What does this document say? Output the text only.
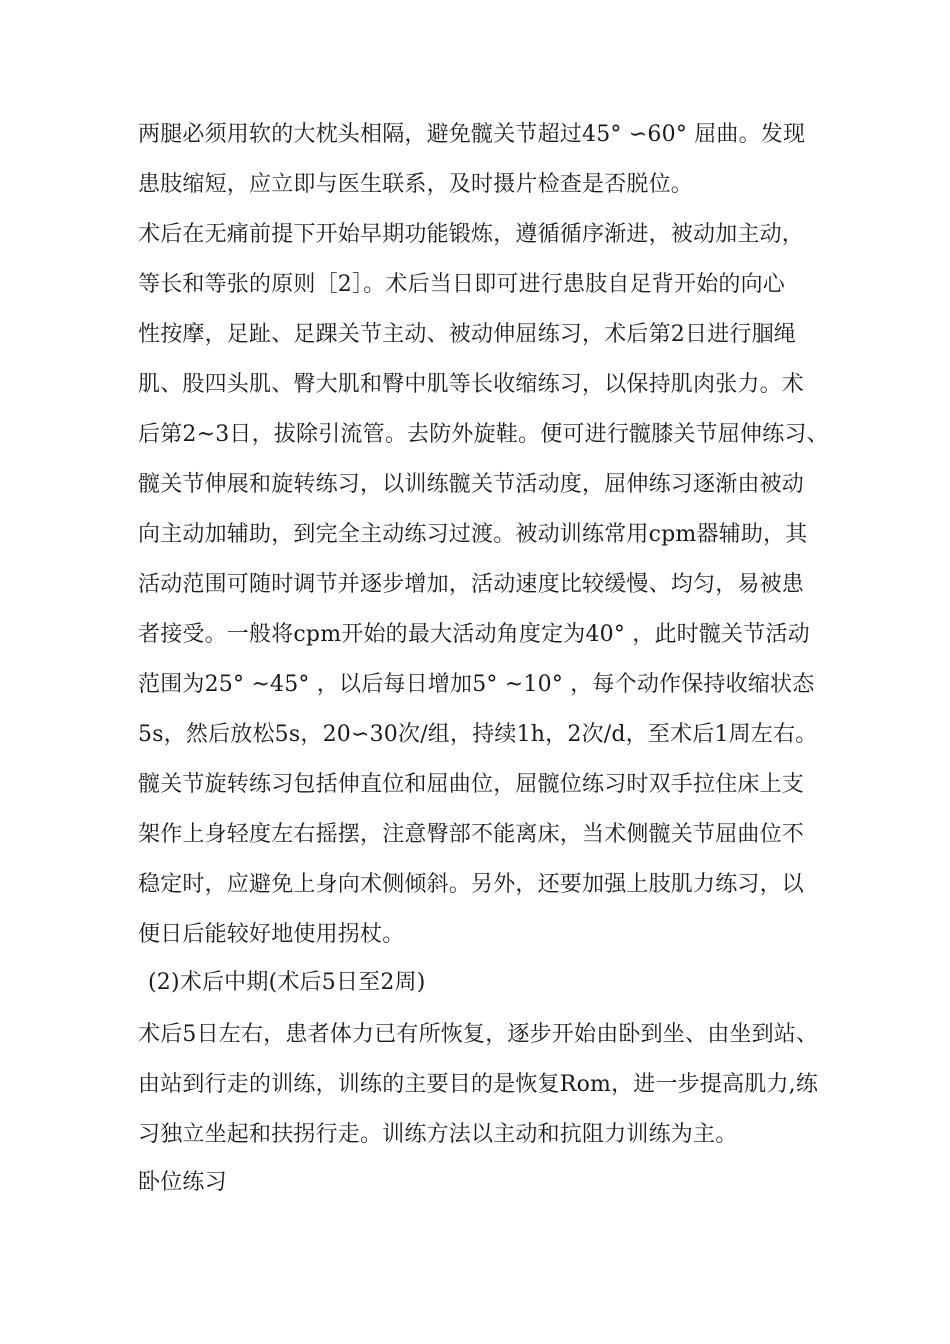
两腿必须用软的大枕头相隔，避免髋关节超过45° ∽60° 屈曲。发现

患肢缩短，应立即与医生联系，及时摄片检查是否脱位。

术后在无痛前提下开始早期功能锻炼，遵循循序渐进，被动加主动，

等长和等张的原则［2］。术后当日即可进行患肢自足背开始的向心

性按摩，足趾、足踝关节主动、被动伸屈练习，术后第2日进行腘绳

肌、股四头肌、臀大肌和臀中肌等长收缩练习，以保持肌肉张力。术

后第2~3日，拔除引流管。去防外旋鞋。便可进行髋膝关节屈伸练习、

髋关节伸展和旋转练习，以训练髋关节活动度，屈伸练习逐渐由被动

向主动加辅助，到完全主动练习过渡。被动训练常用cpm器辅助，其

活动范围可随时调节并逐步增加，活动速度比较缓慢、均匀，易被患

者接受。一般将cpm开始的最大活动角度定为40° ，此时髋关节活动

范围为25° ~45° ，以后每日增加5° ~10° ，每个动作保持收缩状态

5s，然后放松5s，20∽30次/组，持续1h，2次/d，至术后1周左右。

髋关节旋转练习包括伸直位和屈曲位，屈髋位练习时双手拉住床上支

架作上身轻度左右摇摆，注意臀部不能离床，当术侧髋关节屈曲位不

稳定时，应避免上身向术侧倾斜。另外，还要加强上肢肌力练习，以

便日后能较好地使用拐杖。

(2)术后中期(术后5日至2周)

术后5日左右，患者体力已有所恢复，逐步开始由卧到坐、由坐到站、

由站到行走的训练，训练的主要目的是恢复Rom，进一步提高肌力,练

习独立坐起和扶拐行走。训练方法以主动和抗阻力训练为主。

卧位练习
